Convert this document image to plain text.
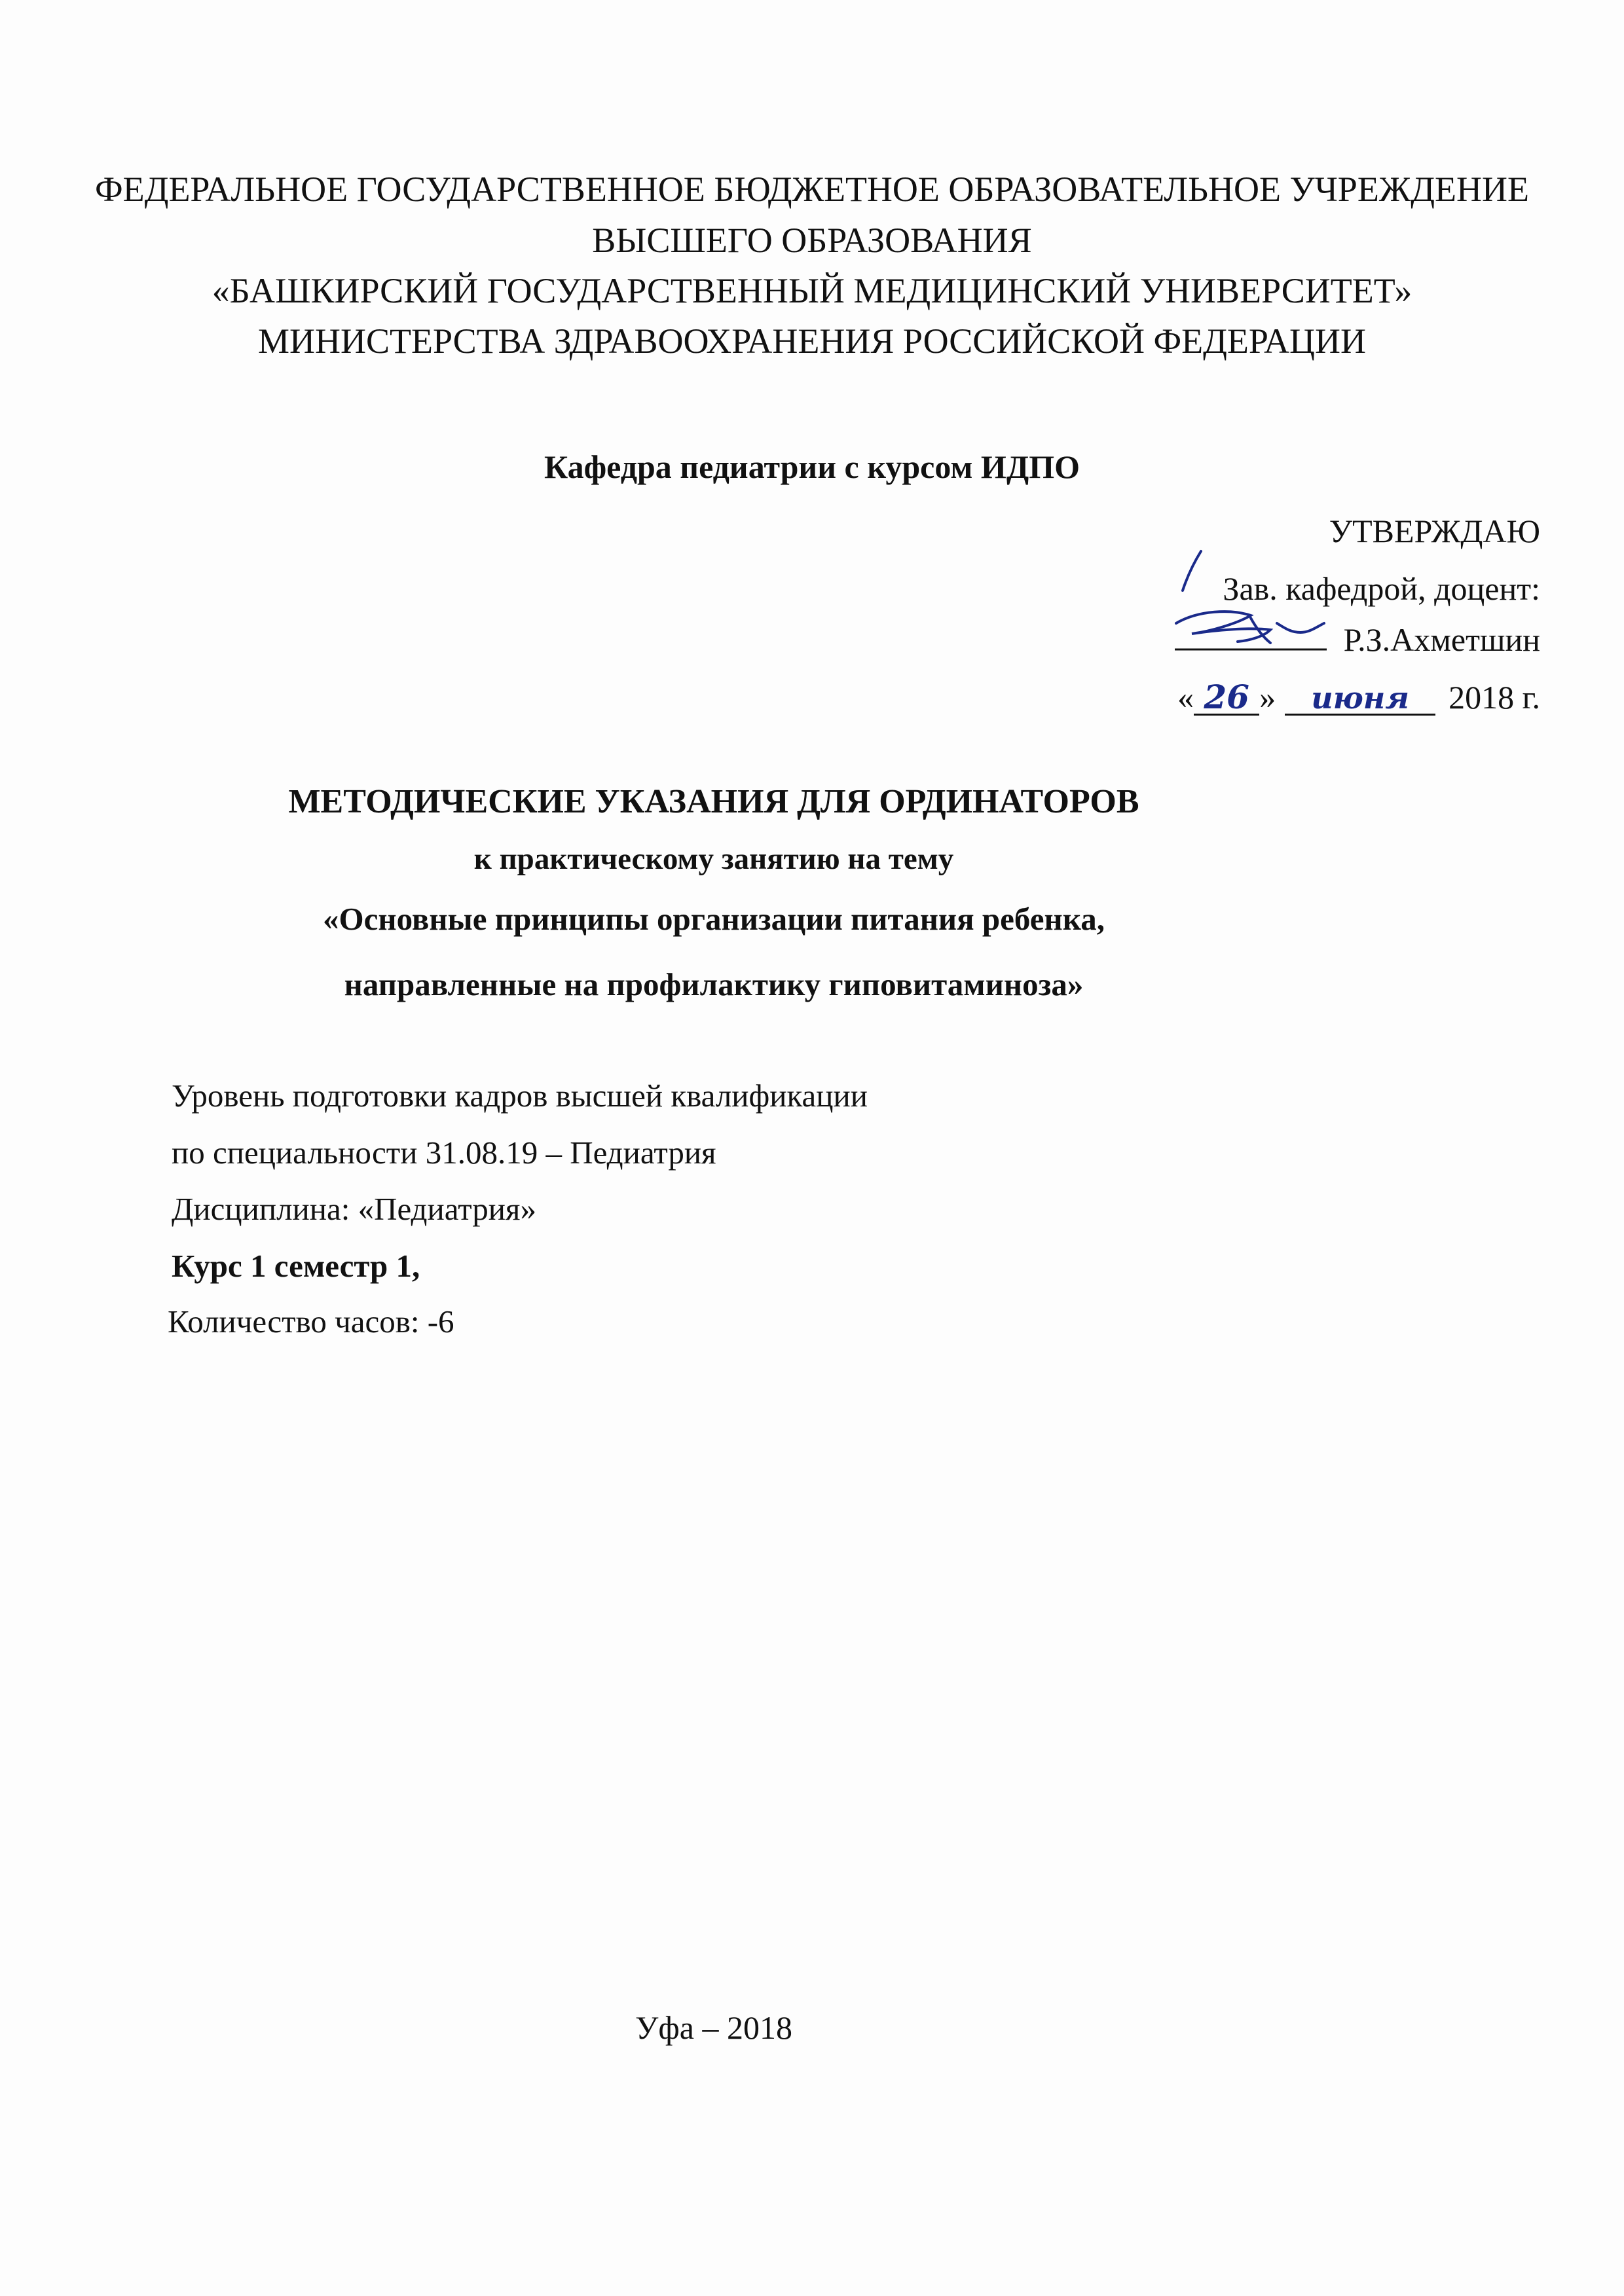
ФЕДЕРАЛЬНОЕ ГОСУДАРСТВЕННОЕ БЮДЖЕТНОЕ ОБРАЗОВАТЕЛЬНОЕ УЧРЕЖДЕНИЕ
ВЫСШЕГО ОБРАЗОВАНИЯ
«БАШКИРСКИЙ ГОСУДАРСТВЕННЫЙ МЕДИЦИНСКИЙ УНИВЕРСИТЕТ»
МИНИСТЕРСТВА ЗДРАВООХРАНЕНИЯ РОССИЙСКОЙ ФЕДЕРАЦИИ
Кафедра педиатрии с курсом ИДПО
УТВЕРЖДАЮ
Зав. кафедрой, доцент:
Р.З.Ахметшин
« 26 » июня 2018 г.
МЕТОДИЧЕСКИЕ УКАЗАНИЯ ДЛЯ ОРДИНАТОРОВ
к практическому занятию на тему
«Основные принципы организации питания ребенка,
направленные на профилактику гиповитаминоза»
Уровень подготовки кадров высшей квалификации
по специальности 31.08.19 – Педиатрия
Дисциплина: «Педиатрия»
Курс 1 семестр 1,
Количество часов: -6
Уфа – 2018
